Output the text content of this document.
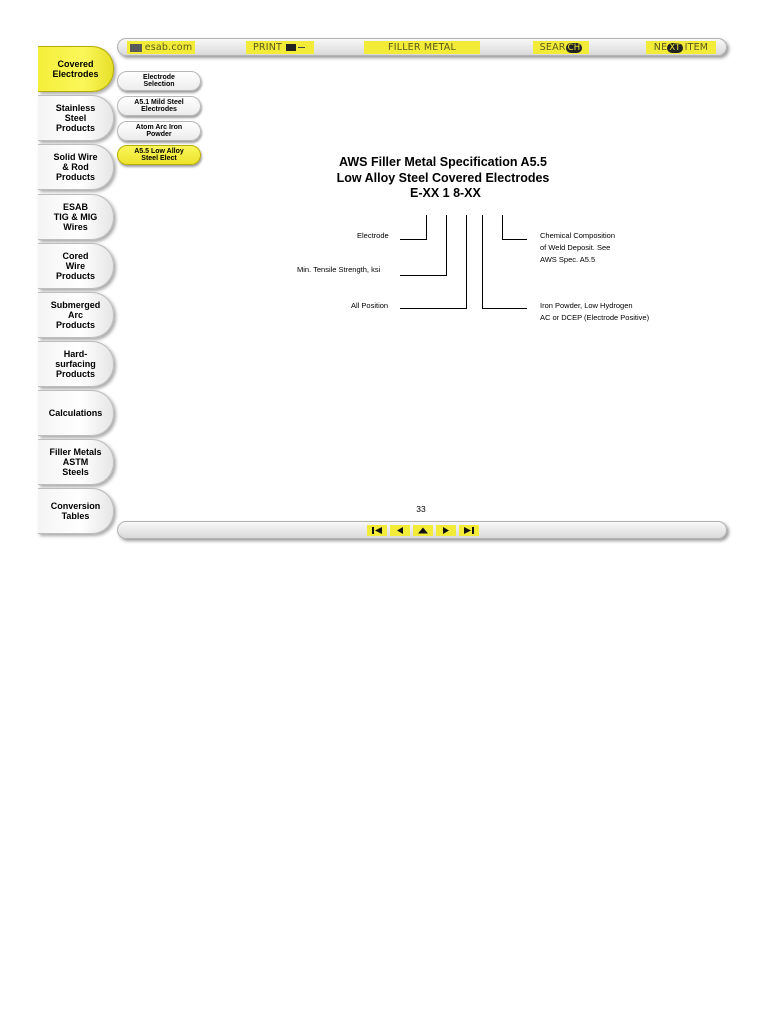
esab.com	PRINT	FILLER METAL	SEAR CH	NE XT ITEM
Covered
Electrodes
Stainless
Steel
Products
Solid Wire
& Rod
Products
ESAB
TIG & MIG
Wires
Cored
Wire
Products
Submerged
Arc
Products
Hard-
surfacing
Products
Calculations
Filler Metals
ASTM
Steels
Conversion
Tables
Electrode
Selection
A5.1 Mild Steel
Electrodes
Atom Arc Iron
Powder
A5.5 Low Alloy
Steel Elect	AWS Filler Metal Specification A5.5
Low Alloy Steel Covered Electrodes
E-XX 1 8-XX
Electrode
Min. Tensile Strength, ksi
All Position
Chemical Composition
of Weld Deposit. See
AWS Spec. A5.5
Iron Powder, Low Hydrogen
AC or DCEP (Electrode Positive)
33
